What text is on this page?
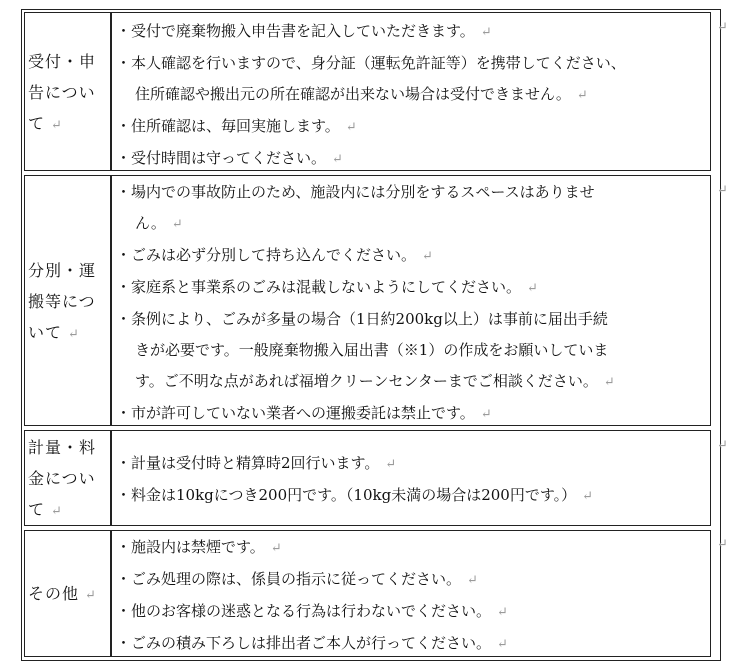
受付・申
告につい
て ↵
・受付で廃棄物搬入申告書を記入していただきます。 ↵
・本人確認を行いますので、身分証（運転免許証等）を携帯してください、
住所確認や搬出元の所在確認が出来ない場合は受付できません。 ↵
・住所確認は、毎回実施します。 ↵
・受付時間は守ってください。 ↵
分別・運
搬等につ
いて ↵
・場内での事故防止のため、施設内には分別をするスペースはありませ
ん。 ↵
・ごみは必ず分別して持ち込んでください。 ↵
・家庭系と事業系のごみは混載しないようにしてください。 ↵
・条例により、ごみが多量の場合（1日約200kg以上）は事前に届出手続
きが必要です。一般廃棄物搬入届出書（※1）の作成をお願いしていま
す。ご不明な点があれば福増クリーンセンターまでご相談ください。 ↵
・市が許可していない業者への運搬委託は禁止です。 ↵
計量・料
金につい
て ↵
・計量は受付時と精算時2回行います。 ↵
・料金は10kgにつき200円です。（10kg未満の場合は200円です。） ↵
その他 ↵
・施設内は禁煙です。 ↵
・ごみ処理の際は、係員の指示に従ってください。 ↵
・他のお客様の迷惑となる行為は行わないでください。 ↵
・ごみの積み下ろしは排出者ご本人が行ってください。 ↵
↵
↵
↵
↵
